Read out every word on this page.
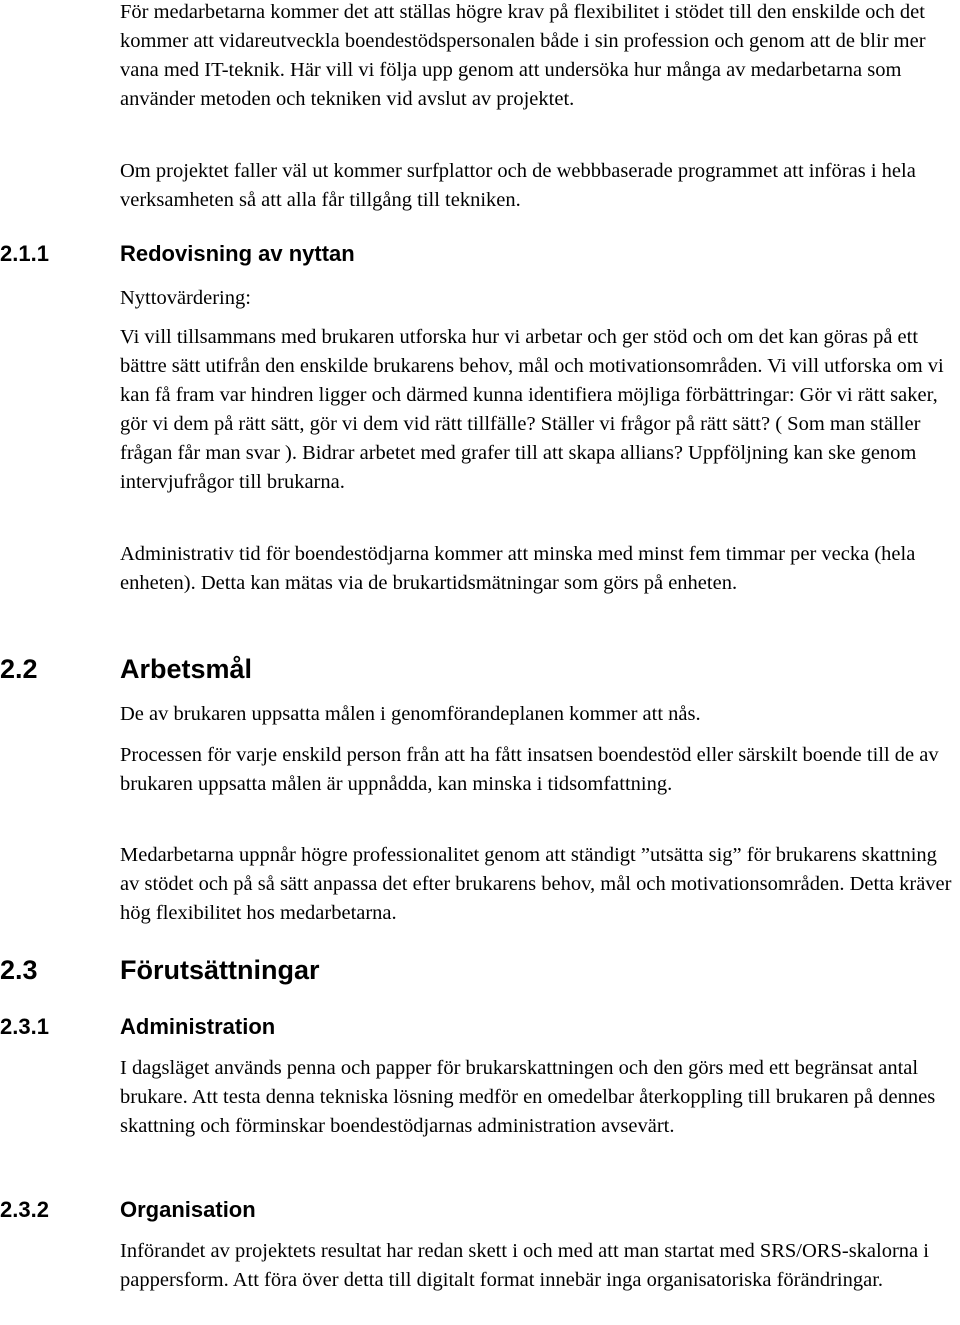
För medarbetarna kommer det att ställas högre krav på flexibilitet i stödet till den enskilde och det kommer att vidareutveckla boendestödspersonalen både i sin profession och genom att de blir mer vana med IT-teknik. Här vill vi följa upp genom att undersöka hur många av medarbetarna som använder metoden och tekniken vid avslut av projektet.

Om projektet faller väl ut kommer surfplattor och de webbbaserade programmet att införas i hela verksamheten så att alla får tillgång till tekniken.

2.1.1	Redovisning av nyttan

Nyttovärdering:

Vi vill tillsammans med brukaren utforska hur vi arbetar och ger stöd och om det kan göras på ett bättre sätt utifrån den enskilde brukarens behov, mål och motivationsområden. Vi vill utforska om vi kan få fram var hindren ligger och därmed kunna identifiera möjliga förbättringar: Gör vi rätt saker, gör vi dem på rätt sätt, gör vi dem vid rätt tillfälle? Ställer vi frågor på rätt sätt? ( Som man ställer frågan får man svar ). Bidrar arbetet med grafer till att skapa allians? Uppföljning kan ske genom intervjufrågor till brukarna.

Administrativ tid för boendestödjarna kommer att minska med minst fem timmar per vecka (hela enheten). Detta kan mätas via de brukartidsmätningar som görs på enheten.

2.2	Arbetsmål

De av brukaren uppsatta målen i genomförandeplanen kommer att nås.

Processen för varje enskild person från att ha fått insatsen boendestöd eller särskilt boende till de av brukaren uppsatta målen är uppnådda, kan minska i tidsomfattning.

Medarbetarna uppnår högre professionalitet genom att ständigt ”utsätta sig” för brukarens skattning av stödet och på så sätt anpassa det efter brukarens behov, mål och motivationsområden. Detta kräver hög flexibilitet hos medarbetarna.

2.3	Förutsättningar
2.3.1	Administration

I dagsläget används penna och papper för brukarskattningen och den görs med ett begränsat antal brukare. Att testa denna tekniska lösning medför en omedelbar återkoppling till brukaren på dennes skattning och förminskar boendestödjarnas administration avsevärt.

2.3.2	Organisation

Införandet av projektets resultat har redan skett i och med att man startat med SRS/ORS-skalorna i pappersform. Att föra över detta till digitalt format innebär inga organisatoriska förändringar.
